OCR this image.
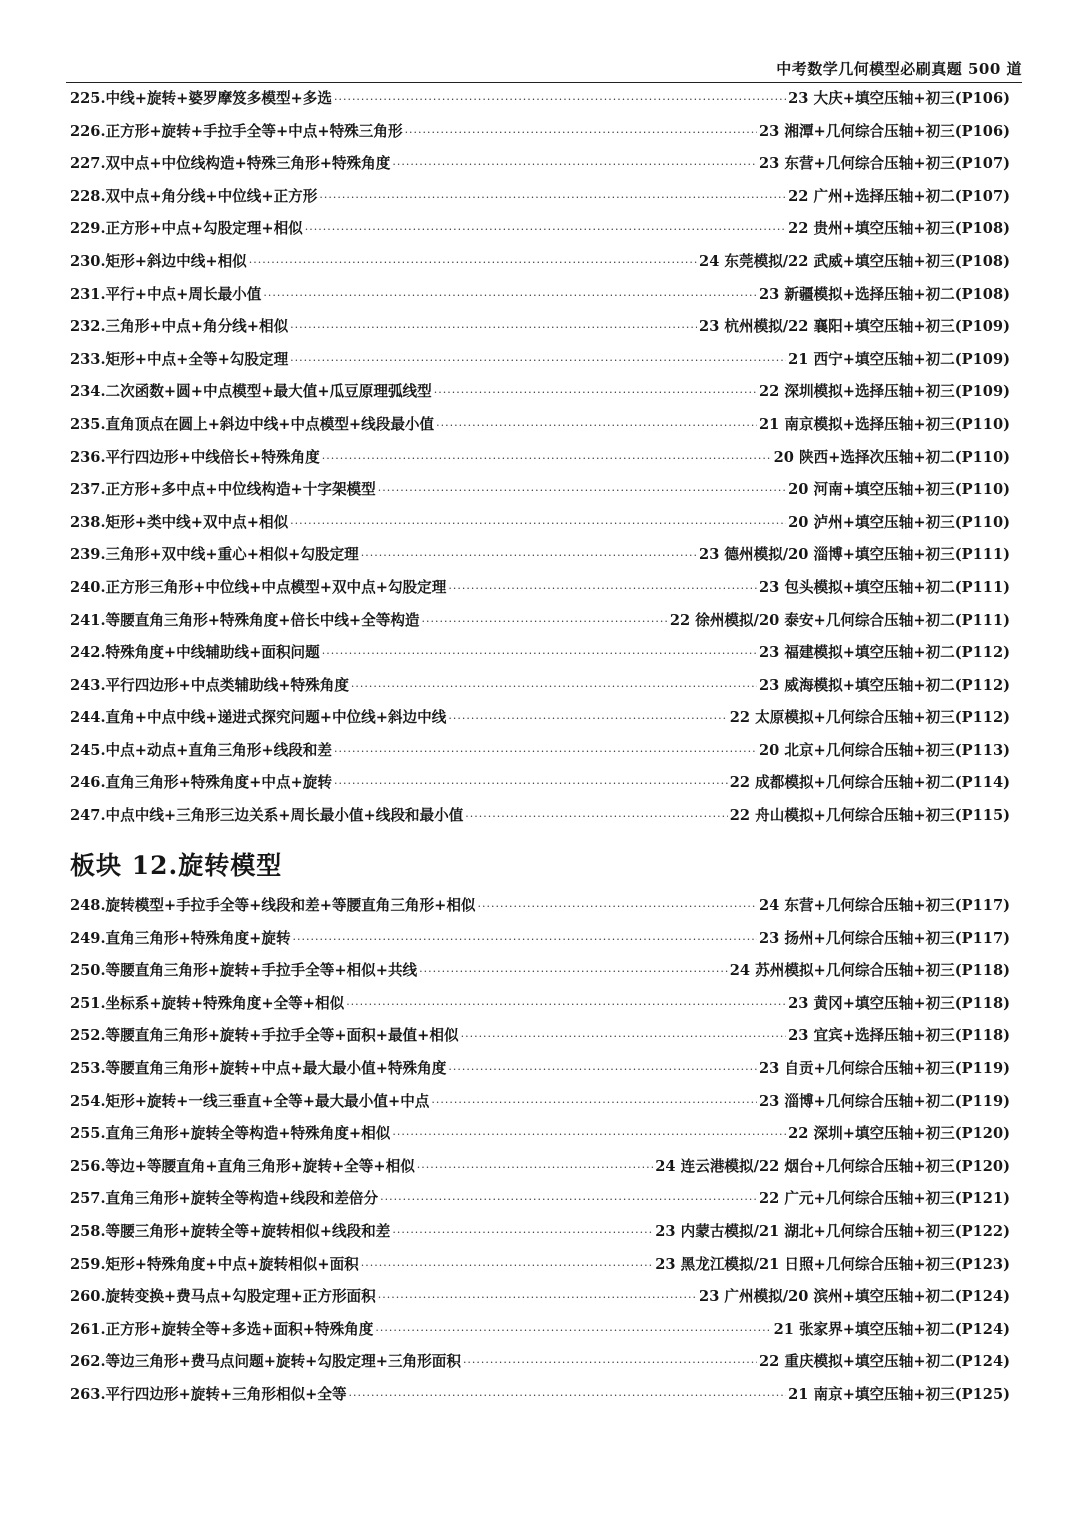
中考数学几何模型必刷真题 500 道
225. 中线+旋转+婆罗摩笈多模型+多选 ·····	23 大庆+填空压轴+初三(P106)
226. 正方形+旋转+手拉手全等+中点+特殊三角形 ·····	23 湘潭+几何综合压轴+初三(P106)
227. 双中点+中位线构造+特殊三角形+特殊角度 ·····	23 东营+几何综合压轴+初三(P107)
228. 双中点+角分线+中位线+正方形 ·····	22 广州+选择压轴+初二(P107)
229. 正方形+中点+勾股定理+相似 ·····	22 贵州+填空压轴+初三(P108)
230. 矩形+斜边中线+相似 ·····	24 东莞模拟/22 武威+填空压轴+初三(P108)
231. 平行+中点+周长最小值 ·····	23 新疆模拟+选择压轴+初二(P108)
232. 三角形+中点+角分线+相似 ·····	23 杭州模拟/22 襄阳+填空压轴+初三(P109)
233. 矩形+中点+全等+勾股定理 ·····	21 西宁+填空压轴+初二(P109)
234. 二次函数+圆+中点模型+最大值+瓜豆原理弧线型 ·····	22 深圳模拟+选择压轴+初三(P109)
235. 直角顶点在圆上+斜边中线+中点模型+线段最小值 ·····	21 南京模拟+选择压轴+初三(P110)
236. 平行四边形+中线倍长+特殊角度 ·····	20 陕西+选择次压轴+初二(P110)
237. 正方形+多中点+中位线构造+十字架模型 ·····	20 河南+填空压轴+初三(P110)
238. 矩形+类中线+双中点+相似 ·····	20 泸州+填空压轴+初三(P110)
239. 三角形+双中线+重心+相似+勾股定理 ·····	23 德州模拟/20 淄博+填空压轴+初三(P111)
240. 正方形三角形+中位线+中点模型+双中点+勾股定理 ·····	23 包头模拟+填空压轴+初二(P111)
241. 等腰直角三角形+特殊角度+倍长中线+全等构造 ·····	22 徐州模拟/20 泰安+几何综合压轴+初二(P111)
242. 特殊角度+中线辅助线+面积问题 ·····	23 福建模拟+填空压轴+初二(P112)
243. 平行四边形+中点类辅助线+特殊角度 ·····	23 威海模拟+填空压轴+初二(P112)
244. 直角+中点中线+递进式探究问题+中位线+斜边中线 ·····	22 太原模拟+几何综合压轴+初三(P112)
245. 中点+动点+直角三角形+线段和差 ·····	20 北京+几何综合压轴+初三(P113)
246. 直角三角形+特殊角度+中点+旋转 ·····	22 成都模拟+几何综合压轴+初二(P114)
247. 中点中线+三角形三边关系+周长最小值+线段和最小值 ·····	22 舟山模拟+几何综合压轴+初三(P115)
板块 12.旋转模型
248. 旋转模型+手拉手全等+线段和差+等腰直角三角形+相似 ·····	24 东营+几何综合压轴+初三(P117)
249. 直角三角形+特殊角度+旋转 ·····	23 扬州+几何综合压轴+初三(P117)
250. 等腰直角三角形+旋转+手拉手全等+相似+共线 ·····	24 苏州模拟+几何综合压轴+初三(P118)
251. 坐标系+旋转+特殊角度+全等+相似 ·····	23 黄冈+填空压轴+初三(P118)
252. 等腰直角三角形+旋转+手拉手全等+面积+最值+相似 ·····	23 宜宾+选择压轴+初三(P118)
253. 等腰直角三角形+旋转+中点+最大最小值+特殊角度 ·····	23 自贡+几何综合压轴+初三(P119)
254. 矩形+旋转+一线三垂直+全等+最大最小值+中点 ·····	23 淄博+几何综合压轴+初二(P119)
255. 直角三角形+旋转全等构造+特殊角度+相似 ·····	22 深圳+填空压轴+初三(P120)
256. 等边+等腰直角+直角三角形+旋转+全等+相似 ·····	24 连云港模拟/22 烟台+几何综合压轴+初三(P120)
257. 直角三角形+旋转全等构造+线段和差倍分 ·····	22 广元+几何综合压轴+初三(P121)
258. 等腰三角形+旋转全等+旋转相似+线段和差 ·····	23 内蒙古模拟/21 湖北+几何综合压轴+初三(P122)
259. 矩形+特殊角度+中点+旋转相似+面积 ·····	23 黑龙江模拟/21 日照+几何综合压轴+初三(P123)
260. 旋转变换+费马点+勾股定理+正方形面积 ·····	23 广州模拟/20 滨州+填空压轴+初二(P124)
261. 正方形+旋转全等+多选+面积+特殊角度 ·····	21 张家界+填空压轴+初二(P124)
262. 等边三角形+费马点问题+旋转+勾股定理+三角形面积 ·····	22 重庆模拟+填空压轴+初二(P124)
263. 平行四边形+旋转+三角形相似+全等 ·····	21 南京+填空压轴+初三(P125)
